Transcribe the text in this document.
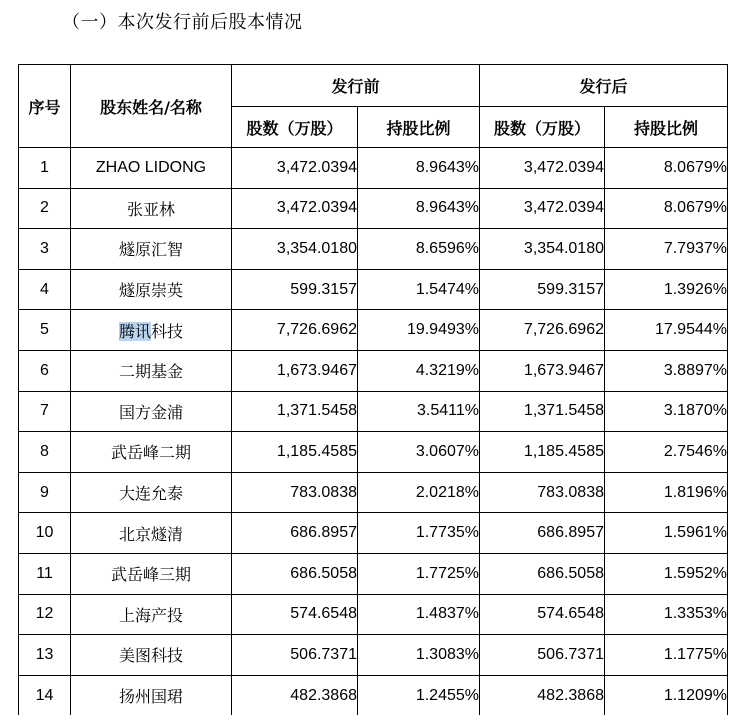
（一）本次发行前后股本情况
序号	股东姓名/名称	发行前		发行后	
		股数（万股）	持股比例	股数（万股）	持股比例
1	ZHAO LIDONG	3,472.0394	8.9643%	3,472.0394	8.0679%
2	张亚林	3,472.0394	8.9643%	3,472.0394	8.0679%
3	燧原汇智	3,354.0180	8.6596%	3,354.0180	7.7937%
4	燧原崇英	599.3157	1.5474%	599.3157	1.3926%
5	腾讯科技	7,726.6962	19.9493%	7,726.6962	17.9544%
6	二期基金	1,673.9467	4.3219%	1,673.9467	3.8897%
7	国方金浦	1,371.5458	3.5411%	1,371.5458	3.1870%
8	武岳峰二期	1,185.4585	3.0607%	1,185.4585	2.7546%
9	大连允泰	783.0838	2.0218%	783.0838	1.8196%
10	北京燧清	686.8957	1.7735%	686.8957	1.5961%
11	武岳峰三期	686.5058	1.7725%	686.5058	1.5952%
12	上海产投	574.6548	1.4837%	574.6548	1.3353%
13	美图科技	506.7371	1.3083%	506.7371	1.1775%
14	扬州国珺	482.3868	1.2455%	482.3868	1.1209%
